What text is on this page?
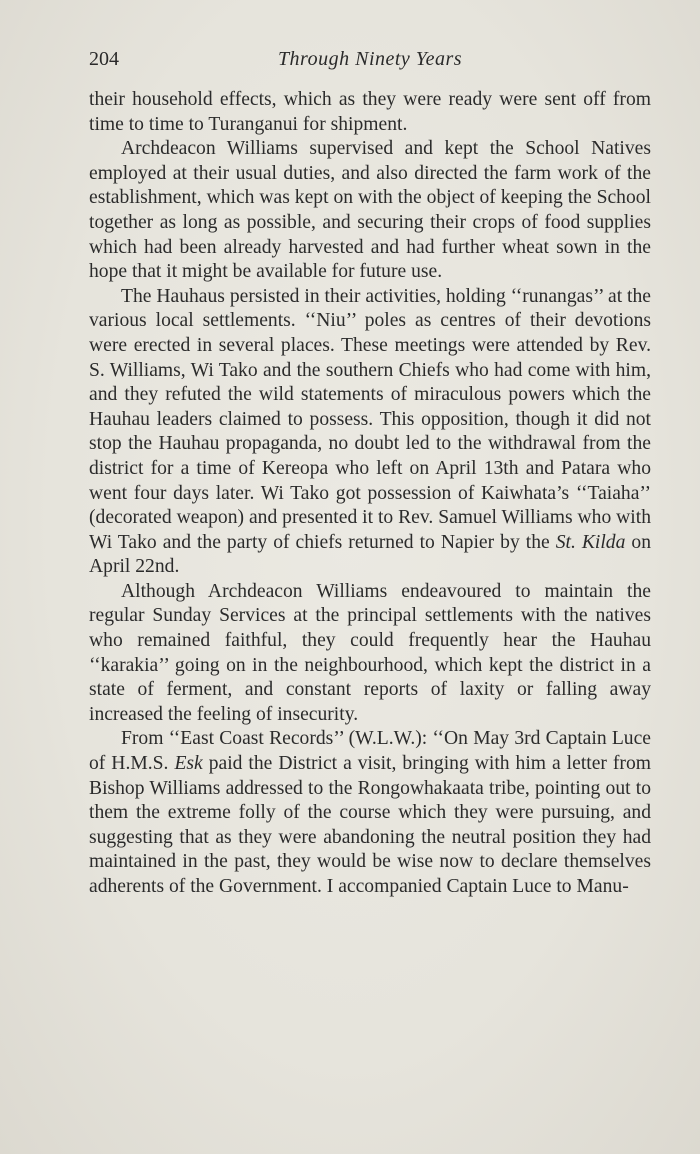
204	Through Ninety Years

their household effects, which as they were ready were sent off from time to time to Turanganui for shipment.

Archdeacon Williams supervised and kept the School Natives employed at their usual duties, and also directed the farm work of the establishment, which was kept on with the object of keeping the School together as long as possible, and securing their crops of food supplies which had been already harvested and had further wheat sown in the hope that it might be available for future use.

The Hauhaus persisted in their activities, holding ‘‘runangas’’ at the various local settlements. ‘‘Niu’’ poles as centres of their devotions were erected in several places. These meetings were attended by Rev. S. Williams, Wi Tako and the southern Chiefs who had come with him, and they refuted the wild statements of miraculous powers which the Hauhau leaders claimed to possess. This opposition, though it did not stop the Hauhau propaganda, no doubt led to the withdrawal from the district for a time of Kereopa who left on April 13th and Patara who went four days later. Wi Tako got possession of Kaiwhata’s ‘‘Taiaha’’ (decorated weapon) and presented it to Rev. Samuel Williams who with Wi Tako and the party of chiefs returned to Napier by the St. Kilda on April 22nd.

Although Archdeacon Williams endeavoured to maintain the regular Sunday Services at the principal settlements with the natives who remained faithful, they could frequently hear the Hauhau ‘‘karakia’’ going on in the neighbourhood, which kept the district in a state of ferment, and constant reports of laxity or falling away increased the feeling of insecurity.

From ‘‘East Coast Records’’ (W.L.W.): ‘‘On May 3rd Captain Luce of H.M.S. Esk paid the District a visit, bringing with him a letter from Bishop Williams addressed to the Rongowhakaata tribe, pointing out to them the extreme folly of the course which they were pursuing, and suggesting that as they were abandoning the neutral position they had maintained in the past, they would be wise now to declare themselves adherents of the Government. I accompanied Captain Luce to Manu-
